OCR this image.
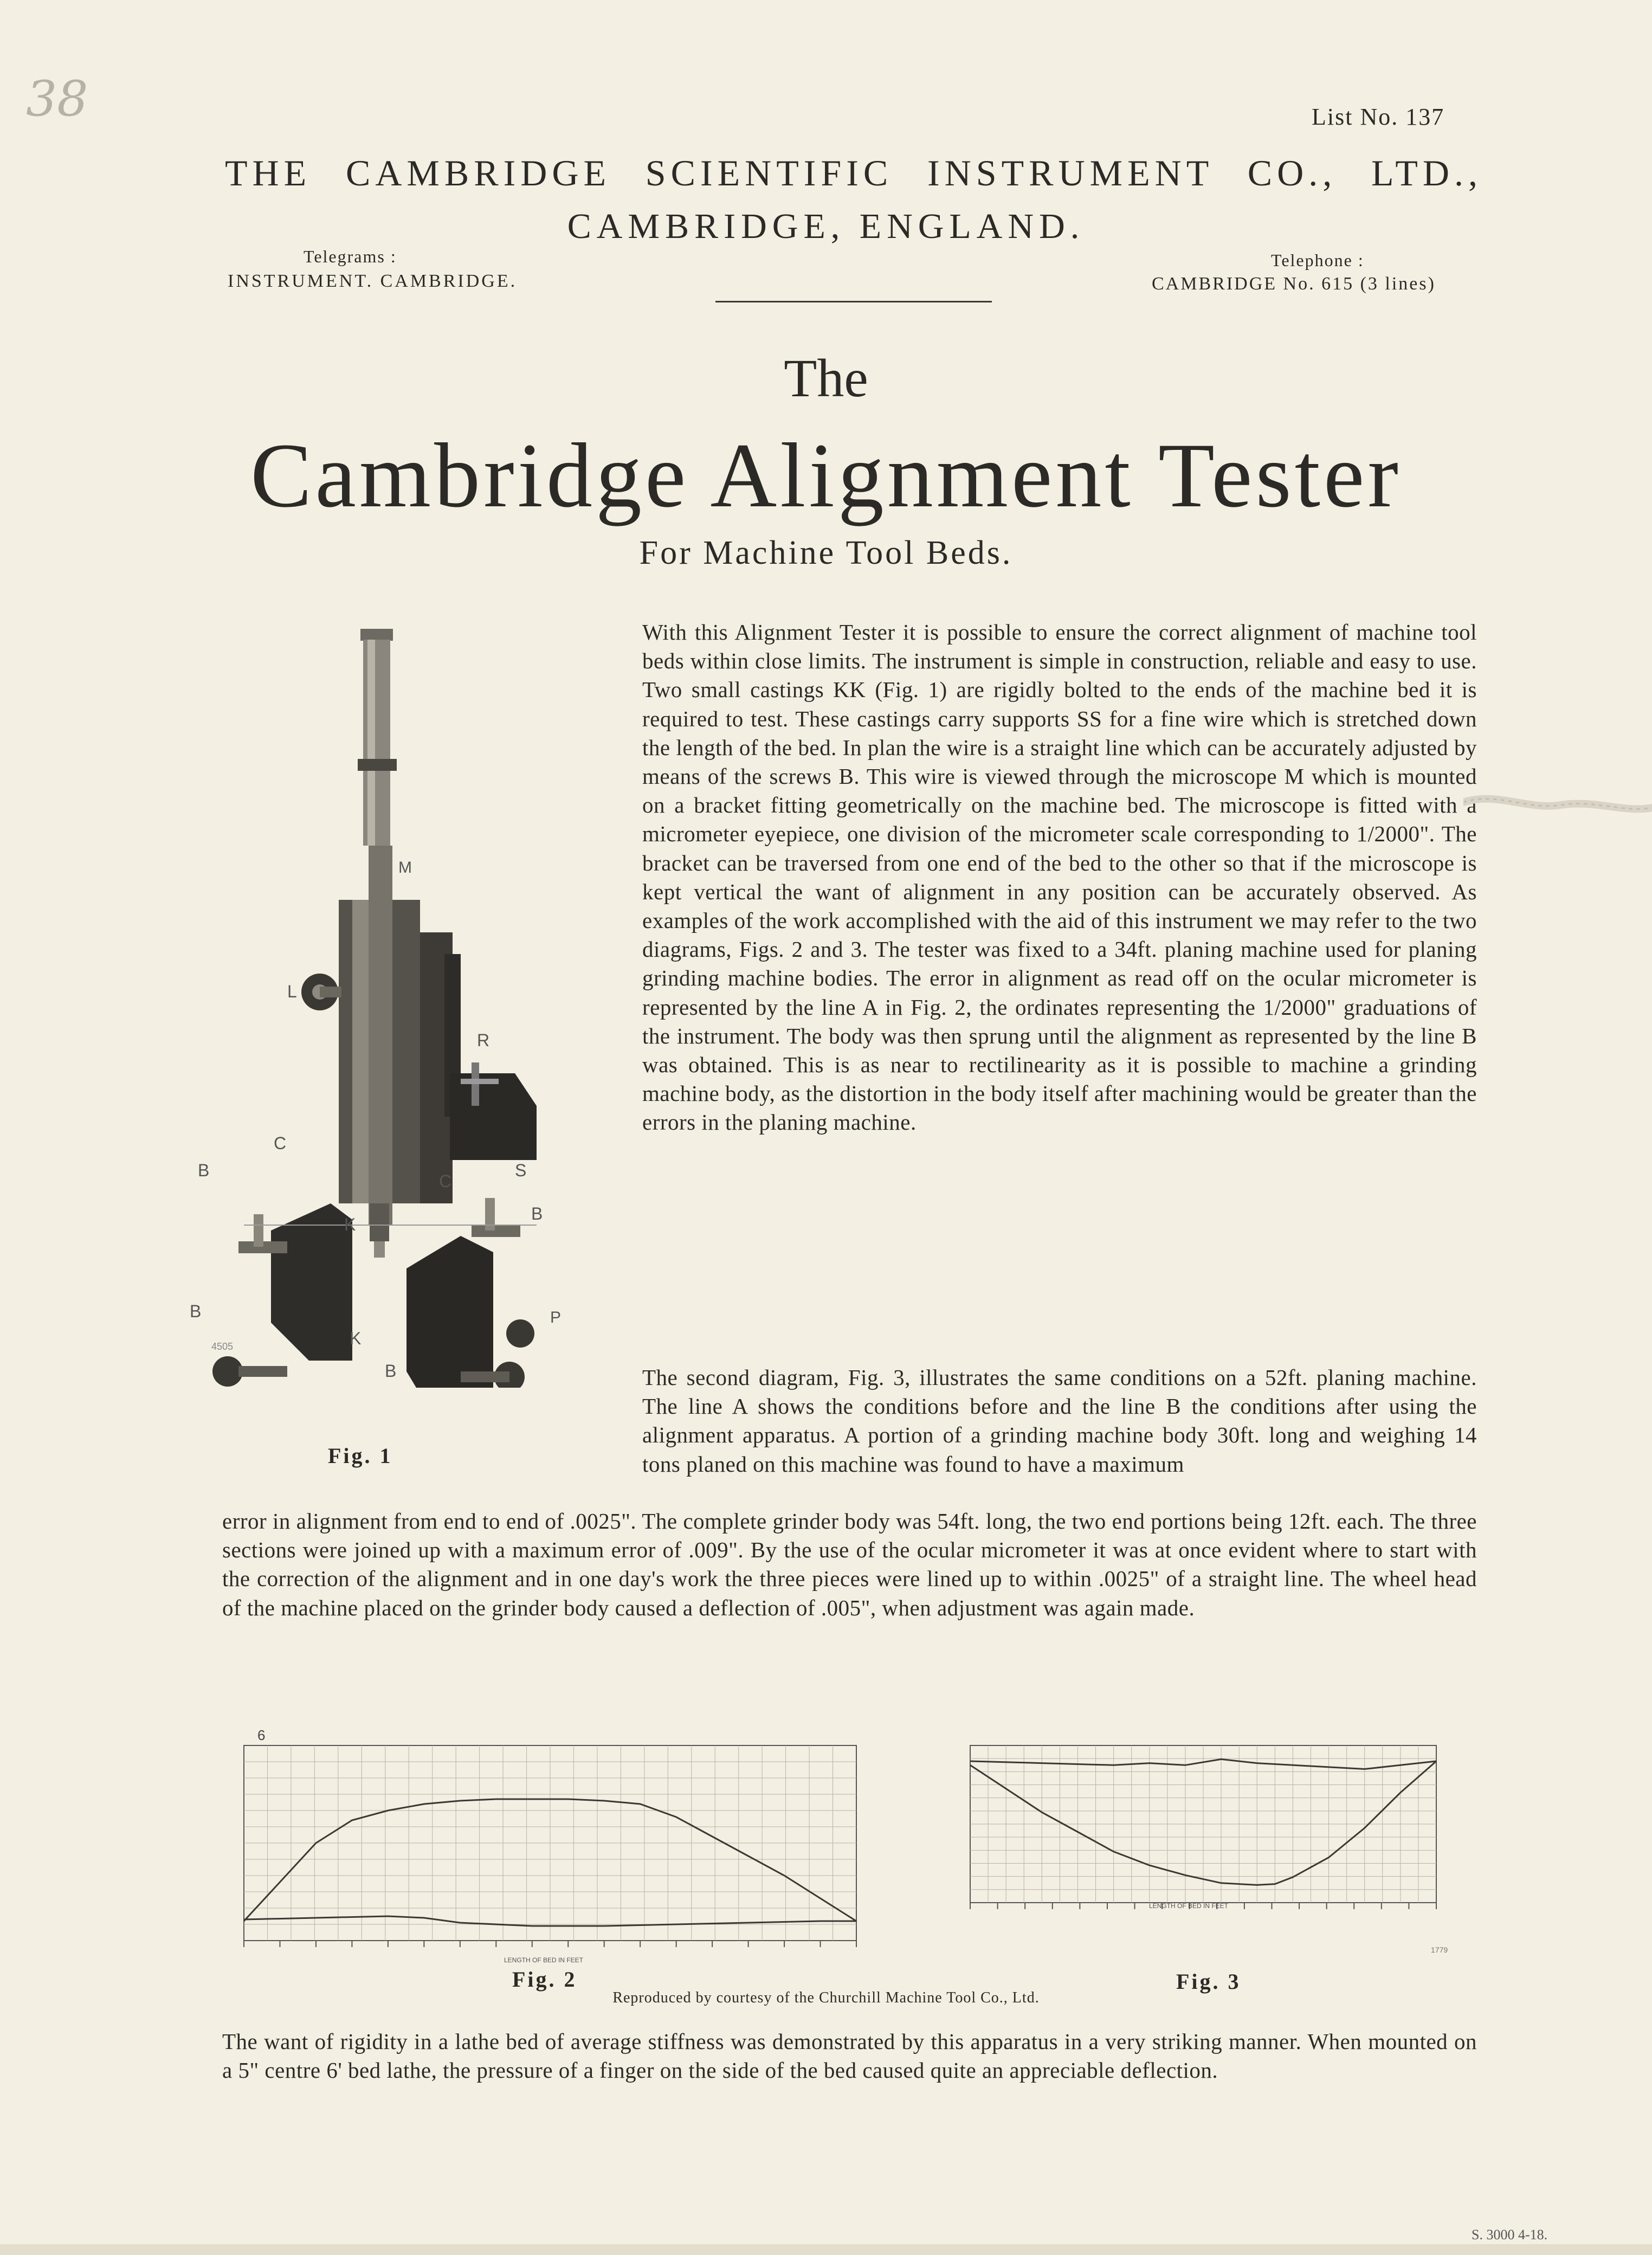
38	List No. 137
THE CAMBRIDGE SCIENTIFIC INSTRUMENT CO., LTD.,
CAMBRIDGE, ENGLAND.
Telegrams :
INSTRUMENT. CAMBRIDGE.
Telephone :
CAMBRIDGE No. 615 (3 lines)
The
Cambridge Alignment Tester
For Machine Tool Beds.
M
L
R
C
C
S
B
B
B
B
K
K
P
4505
Fig. 1
With this Alignment Tester it is possible to ensure the correct alignment of machine tool beds within close limits. The instrument is simple in construction, reliable and easy to use. Two small castings KK (Fig. 1) are rigidly bolted to the ends of the machine bed it is required to test. These castings carry supports SS for a fine wire which is stretched down the length of the bed. In plan the wire is a straight line which can be accurately adjusted by means of the screws B. This wire is viewed through the microscope M which is mounted on a bracket fitting geometrically on the machine bed. The microscope is fitted with a micrometer eyepiece, one division of the micrometer scale corresponding to 1/2000". The bracket can be traversed from one end of the bed to the other so that if the microscope is kept vertical the want of alignment in any position can be accurately observed. As examples of the work accomplished with the aid of this instrument we may refer to the two diagrams, Figs. 2 and 3. The tester was fixed to a 34ft. planing machine used for planing grinding machine bodies. The error in alignment as read off on the ocular micrometer is represented by the line A in Fig. 2, the ordinates representing the 1/2000" graduations of the instrument. The body was then sprung until the alignment as represented by the line B was obtained. This is as near to rectilinearity as it is possible to machine a grinding machine body, as the distortion in the body itself after machining would be greater than the errors in the planing machine.
The second diagram, Fig. 3, illustrates the same conditions on a 52ft. planing machine. The line A shows the conditions before and the line B the conditions after using the alignment apparatus. A portion of a grinding machine body 30ft. long and weighing 14 tons planed on this machine was found to have a maximum
error in alignment from end to end of .0025". The complete grinder body was 54ft. long, the two end portions being 12ft. each. The three sections were joined up with a maximum error of .009". By the use of the ocular micrometer it was at once evident where to start with the correction of the alignment and in one day's work the three pieces were lined up to within .0025" of a straight line. The wheel head of the machine placed on the grinder body caused a deflection of .005", when adjustment was again made.
6
LENGTH OF BED IN FEET
LENGTH OF BED IN FEET
1779
Fig. 2	Fig. 3
Reproduced by courtesy of the Churchill Machine Tool Co., Ltd.
The want of rigidity in a lathe bed of average stiffness was demonstrated by this apparatus in a very striking manner. When mounted on a 5" centre 6' bed lathe, the pressure of a finger on the side of the bed caused quite an appreciable deflection.
S. 3000 4-18.
